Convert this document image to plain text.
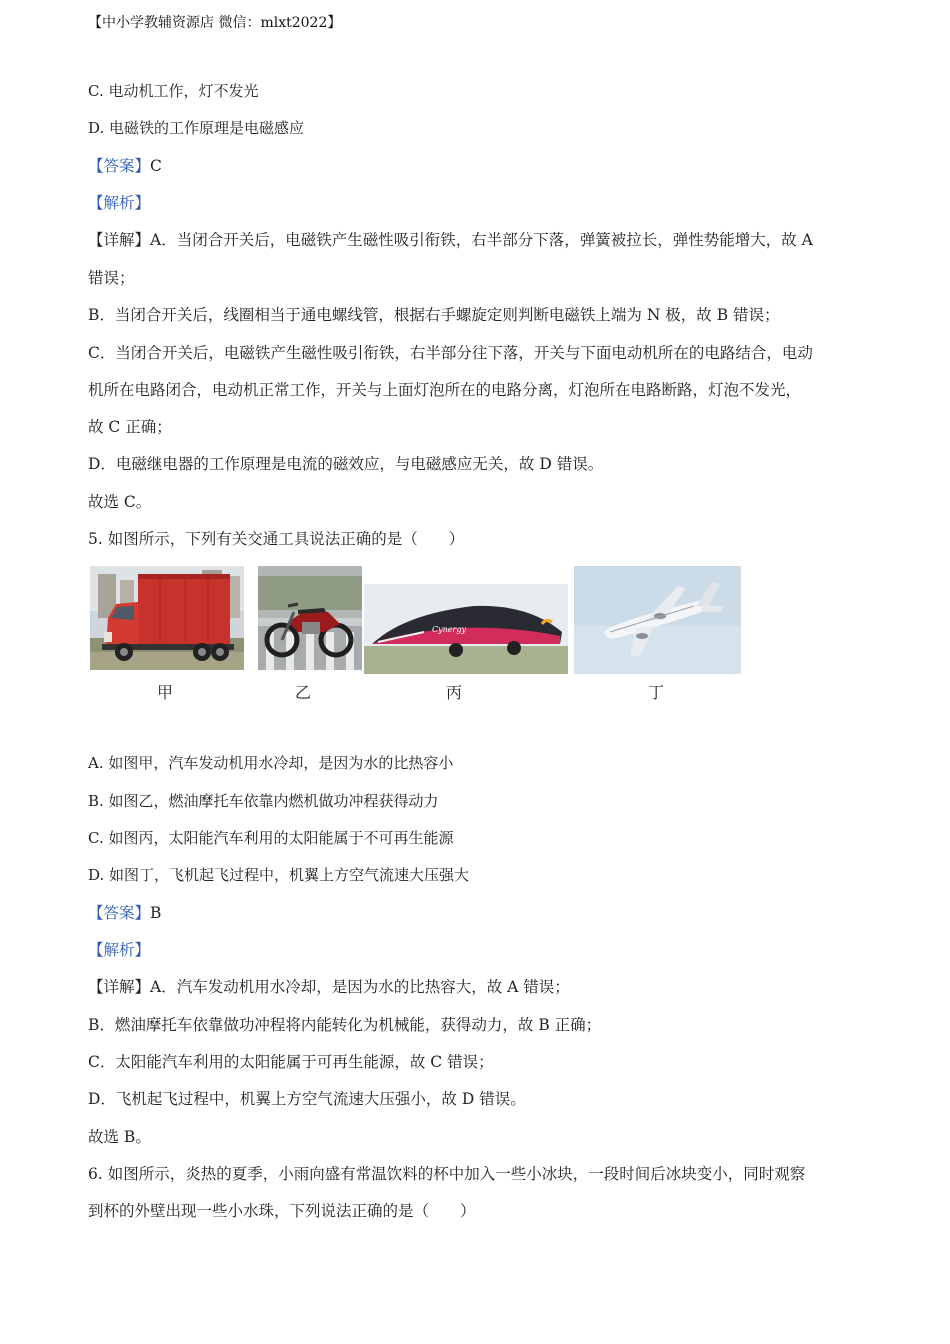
【中小学教辅资源店 微信：mlxt2022】
C. 电动机工作，灯不发光
D. 电磁铁的工作原理是电磁感应
【答案】C
【解析】
【详解】A．当闭合开关后，电磁铁产生磁性吸引衔铁，右半部分下落，弹簧被拉长，弹性势能增大，故 A
错误；
B．当闭合开关后，线圈相当于通电螺线管，根据右手螺旋定则判断电磁铁上端为 N 极，故 B 错误；
C．当闭合开关后，电磁铁产生磁性吸引衔铁，右半部分往下落，开关与下面电动机所在的电路结合，电动
机所在电路闭合，电动机正常工作，开关与上面灯泡所在的电路分离，灯泡所在电路断路，灯泡不发光，
故 C 正确；
D．电磁继电器的工作原理是电流的磁效应，与电磁感应无关，故 D 错误。
故选 C。
5. 如图所示，下列有关交通工具说法正确的是（　　）
Cynergy
甲	乙	丙	丁
A. 如图甲，汽车发动机用水冷却，是因为水的比热容小
B. 如图乙，燃油摩托车依靠内燃机做功冲程获得动力
C. 如图丙，太阳能汽车利用的太阳能属于不可再生能源
D. 如图丁，飞机起飞过程中，机翼上方空气流速大压强大
【答案】B
【解析】
【详解】A．汽车发动机用水冷却，是因为水的比热容大，故 A 错误；
B．燃油摩托车依靠做功冲程将内能转化为机械能，获得动力，故 B 正确；
C．太阳能汽车利用的太阳能属于可再生能源，故 C 错误；
D．飞机起飞过程中，机翼上方空气流速大压强小，故 D 错误。
故选 B。
6. 如图所示，炎热的夏季，小雨向盛有常温饮料的杯中加入一些小冰块，一段时间后冰块变小，同时观察
到杯的外壁出现一些小水珠，下列说法正确的是（　　）
